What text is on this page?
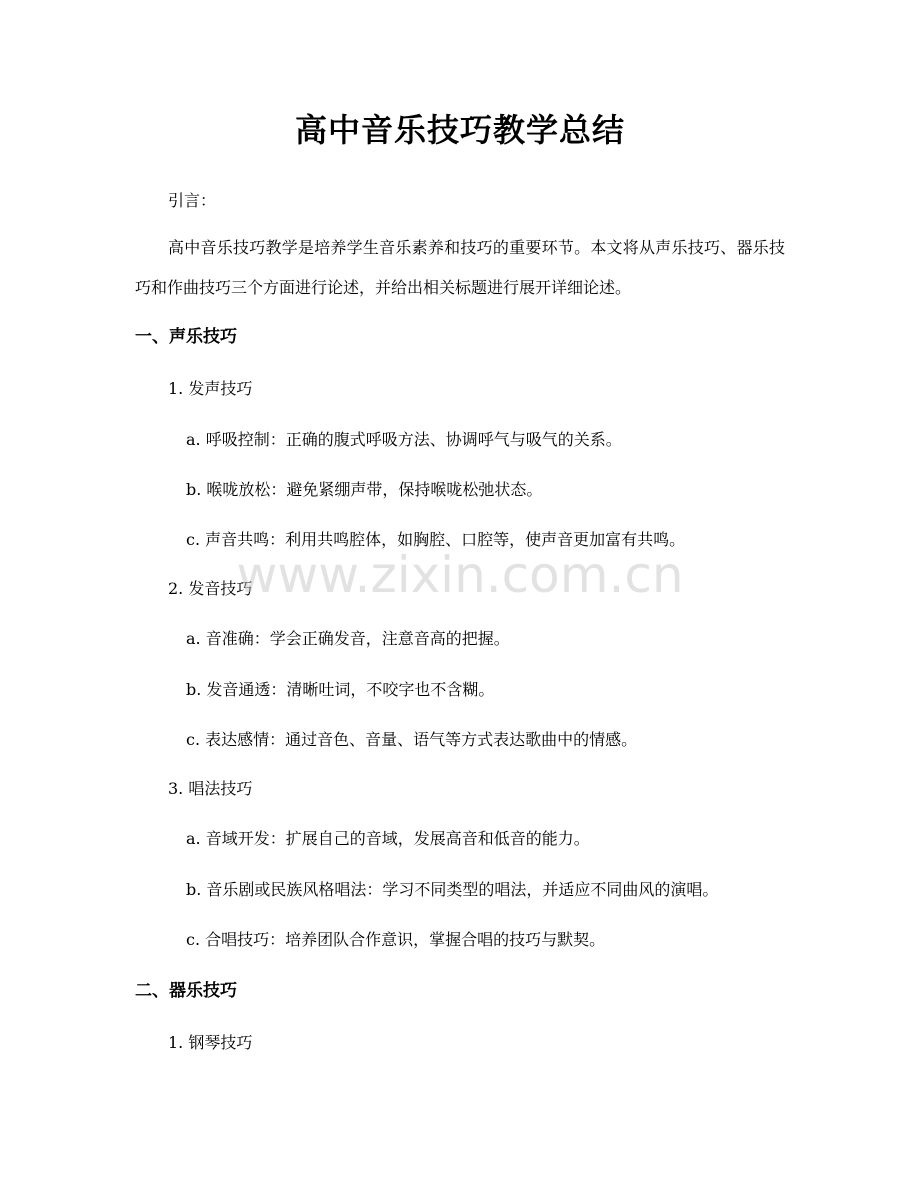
高中音乐技巧教学总结
引言：
高中音乐技巧教学是培养学生音乐素养和技巧的重要环节。本文将从声乐技巧、器乐技巧和作曲技巧三个方面进行论述，并给出相关标题进行展开详细论述。
一、声乐技巧
1. 发声技巧
a. 呼吸控制：正确的腹式呼吸方法、协调呼气与吸气的关系。
b. 喉咙放松：避免紧绷声带，保持喉咙松弛状态。
c. 声音共鸣：利用共鸣腔体，如胸腔、口腔等，使声音更加富有共鸣。
2. 发音技巧
a. 音准确：学会正确发音，注意音高的把握。
b. 发音通透：清晰吐词，不咬字也不含糊。
c. 表达感情：通过音色、音量、语气等方式表达歌曲中的情感。
3. 唱法技巧
a. 音域开发：扩展自己的音域，发展高音和低音的能力。
b. 音乐剧或民族风格唱法：学习不同类型的唱法，并适应不同曲风的演唱。
c. 合唱技巧：培养团队合作意识，掌握合唱的技巧与默契。
二、器乐技巧
1. 钢琴技巧
www.zixin.com.cn
